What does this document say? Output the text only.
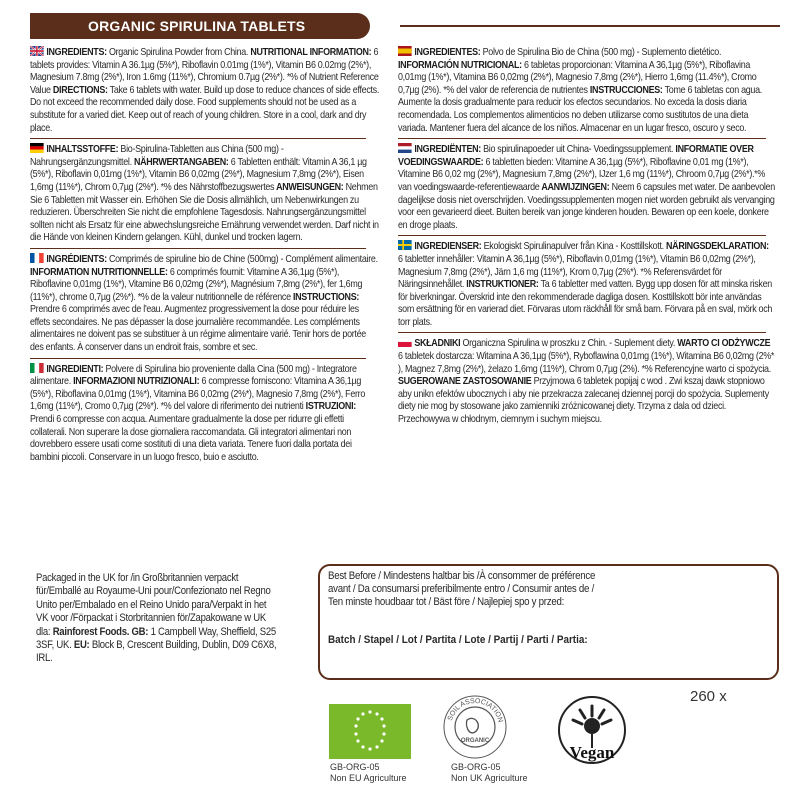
ORGANIC SPIRULINA TABLETS
INGREDIENTS: Organic Spirulina Powder from China. NUTRITIONAL INFORMATION: 6 tablets provides: Vitamin A 36.1µg (5%*), Riboflavin 0.01mg (1%*), Vitamin B6 0.02mg (2%*), Magnesium 7.8mg (2%*), Iron 1.6mg (11%*), Chromium 0.7µg (2%*). *% of Nutrient Reference Value DIRECTIONS: Take 6 tablets with water. Build up dose to reduce chances of side effects. Do not exceed the recommended daily dose. Food supplements should not be used as a substitute for a varied diet. Keep out of reach of young children. Store in a cool, dark and dry place.
INHALTSSTOFFE: Bio-Spirulina-Tabletten aus China (500 mg) - Nahrungsergänzungsmittel. NÄHRWERTANGABEN: 6 Tabletten enthält: Vitamin A 36,1 µg (5%*), Riboflavin 0,01mg (1%*), Vitamin B6 0,02mg (2%*), Magnesium 7,8mg (2%*), Eisen 1,6mg (11%*), Chrom 0,7µg (2%*). *% des Nährstoffbezugswertes ANWEISUNGEN: Nehmen Sie 6 Tabletten mit Wasser ein. Erhöhen Sie die Dosis allmählich, um Nebenwirkungen zu reduzieren. Überschreiten Sie nicht die empfohlene Tagesdosis. Nahrungsergänzungsmittel sollten nicht als Ersatz für eine abwechslungsreiche Ernährung verwendet werden. Darf nicht in die Hände von kleinen Kindern gelangen. Kühl, dunkel und trocken lagern.
INGRÉDIENTS: Comprimés de spiruline bio de Chine (500mg) - Complément alimentaire. INFORMATION NUTRITIONNELLE: 6 comprimés fournit: Vitamine A 36,1µg (5%*), Riboflavine 0,01mg (1%*), Vitamine B6 0,02mg (2%*), Magnésium 7,8mg (2%*), fer 1,6mg (11%*), chrome 0,7µg (2%*). *% de la valeur nutritionnelle de référence INSTRUCTIONS: Prendre 6 comprimés avec de l'eau. Augmentez progressivement la dose pour réduire les effets secondaires. Ne pas dépasser la dose journalière recommandée. Les compléments alimentaires ne doivent pas se substituer à un régime alimentaire varié. Tenir hors de portée des enfants. À conserver dans un endroit frais, sombre et sec.
INGREDIENTI: Polvere di Spirulina bio proveniente dalla Cina (500 mg) - Integratore alimentare. INFORMAZIONI NUTRIZIONALI: 6 compresse forniscono: Vitamina A 36,1µg (5%*), Riboflavina 0,01mg (1%*), Vitamina B6 0,02mg (2%*), Magnesio 7,8mg (2%*), Ferro 1,6mg (11%*), Cromo 0,7µg (2%*). *% del valore di riferimento dei nutrienti ISTRUZIONI: Prendi 6 compresse con acqua. Aumentare gradualmente la dose per ridurre gli effetti collaterali. Non superare la dose giornaliera raccomandata. Gli integratori alimentari non dovrebbero essere usati come sostituti di una dieta variata. Tenere fuori dalla portata dei bambini piccoli. Conservare in un luogo fresco, buio e asciutto.
INGREDIENTES: Polvo de Spirulina Bio de China (500 mg) - Suplemento dietético. INFORMACIÓN NUTRICIONAL: 6 tabletas proporcionan: Vitamina A 36,1µg (5%*), Riboflavina 0,01mg (1%*), Vitamina B6 0,02mg (2%*), Magnesio 7,8mg (2%*), Hierro 1,6mg (11.4%*), Cromo 0,7µg (2%). *% del valor de referencia de nutrientes INSTRUCCIONES: Tome 6 tabletas con agua. Aumente la dosis gradualmente para reducir los efectos secundarios. No exceda la dosis diaria recomendada. Los complementos alimenticios no deben utilizarse como sustitutos de una dieta variada. Mantener fuera del alcance de los niños. Almacenar en un lugar fresco, oscuro y seco.
INGREDIËNTEN: Bio spirulinapoeder uit China- Voedingssupplement. INFORMATIE OVER VOEDINGSWAARDE: 6 tabletten bieden: Vitamine A 36,1µg (5%*), Riboflavine 0,01 mg (1%*), Vitamine B6 0,02 mg (2%*), Magnesium 7,8mg (2%*), IJzer 1,6 mg (11%*), Chroom 0,7µg (2%*).*% van voedingswaarde-referentiewaarde AANWIJZINGEN: Neem 6 capsules met water. De aanbevolen dagelijkse dosis niet overschrijden. Voedingssupplementen mogen niet worden gebruikt als vervanging voor een gevarieerd dieet. Buiten bereik van jonge kinderen houden. Bewaren op een koele, donkere en droge plaats.
INGREDIENSER: Ekologiskt Spirulinapulver från Kina - Kosttillskott. NÄRINGSDEKLARATION: 6 tabletter innehåller: Vitamin A 36,1µg (5%*), Riboflavin 0,01mg (1%*), Vitamin B6 0,02mg (2%*), Magnesium 7,8mg (2%*), Järn 1,6 mg (11%*), Krom 0,7µg (2%*). *% Referensvärdet för Näringsinnehållet. INSTRUKTIONER: Ta 6 tabletter med vatten. Bygg upp dosen för att minska risken för biverkningar. Överskrid inte den rekommenderade dagliga dosen. Kosttillskott bör inte användas som ersättning för en varierad diet. Förvaras utom räckhåll för små barn. Förvara på en sval, mörk och torr plats.
SKŁADNIKI Organiczna Spirulina w proszku z Chin. - Suplement diety. WARTO CI ODŻYWCZE 6 tabletek dostarcza: Witamina A 36,1µg (5%*), Ryboflawina 0,01mg (1%*), Witamina B6 0,02mg (2%* ), Magnez 7,8mg (2%*), żelazo 1,6mg (11%*), Chrom 0,7µg (2%). *% Referencyjne warto ci spożycia. SUGEROWANE ZASTOSOWANIE Przyjmowa 6 tabletek popijaj c wod . Zwi kszaj dawk stopniowo aby unikn efektów ubocznych i aby nie przekracza zalecanej dziennej porcji do spożycia. Suplementy diety nie mog by stosowane jako zamienniki zróżnicowanej diety. Trzyma z dala od dzieci. Przechowywa w chłodnym, ciemnym i suchym miejscu.
Packaged in the UK for /in Großbritannien verpackt für/Emballé au Royaume-Uni pour/Confezionato nel Regno Unito per/Embalado en el Reino Unido para/Verpakt in het VK voor /Förpackat i Storbritannien för/Zapakowane w UK dla: Rainforest Foods. GB: 1 Campbell Way, Sheffield, S25 3SF, UK. EU: Block B, Crescent Building, Dublin, D09 C6X8, IRL.
Best Before / Mindestens haltbar bis /À consommer de préférence avant / Da consumarsi preferibilmente entro / Consumir antes de / Ten minste houdbaar tot / Bäst före / Najlepiej spo y przed:
Batch / Stapel / Lot / Partita / Lote / Partij / Parti / Partia:
260 x
GB-ORG-05
Non EU Agriculture
SOIL ASSOCIATION
ORGANIC
GB-ORG-05
Non UK Agriculture
Vegan
